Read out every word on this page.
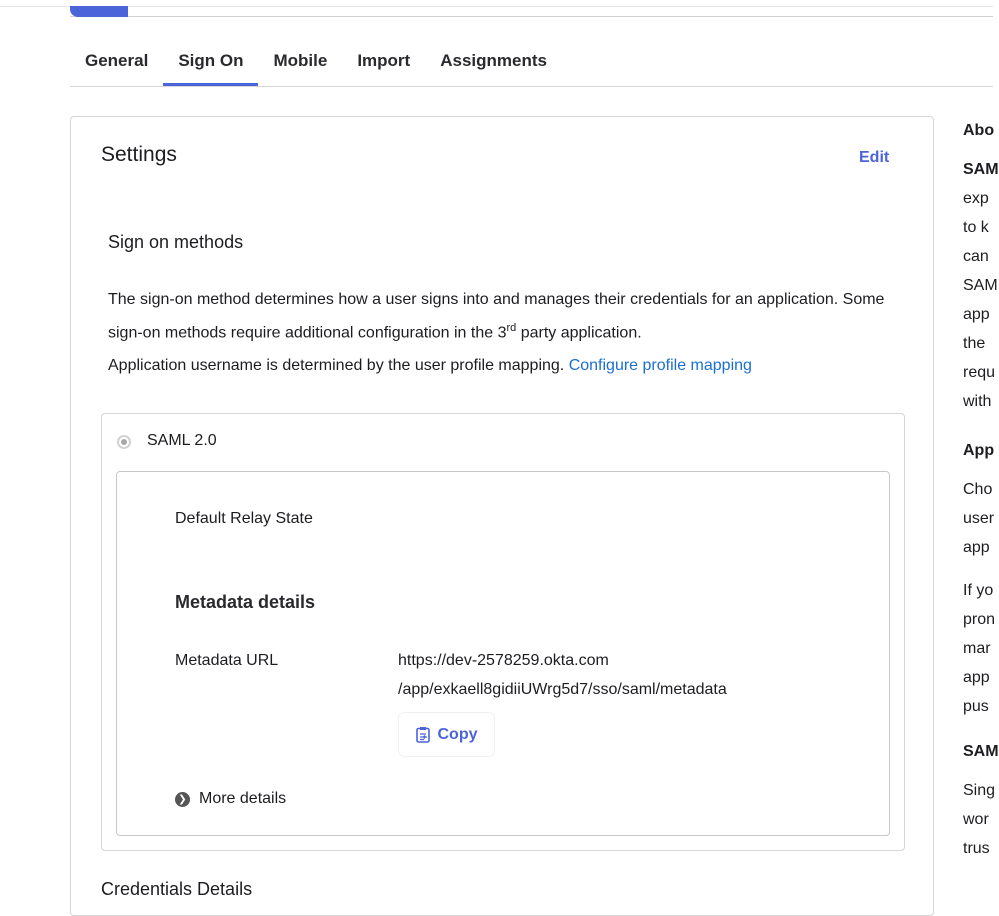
General	Sign On	Mobile	Import	Assignments
Settings	Edit
Sign on methods
The sign-on method determines how a user signs into and manages their credentials for an application. Some sign-on methods require additional configuration in the 3rd party application.
Application username is determined by the user profile mapping. Configure profile mapping
SAML 2.0
Default Relay State
Metadata details
Metadata URL	https://dev-2578259.okta.com
/app/exkaell8gidiiUWrg5d7/sso/saml/metadata
Copy
❯ More details
Credentials Details
Abo
SAM
exp
to k
can
SAM
app
the
requ
with
App
Cho
user
app
If yo
pron
mar
app
pus
SAM
Sing
wor
trus
